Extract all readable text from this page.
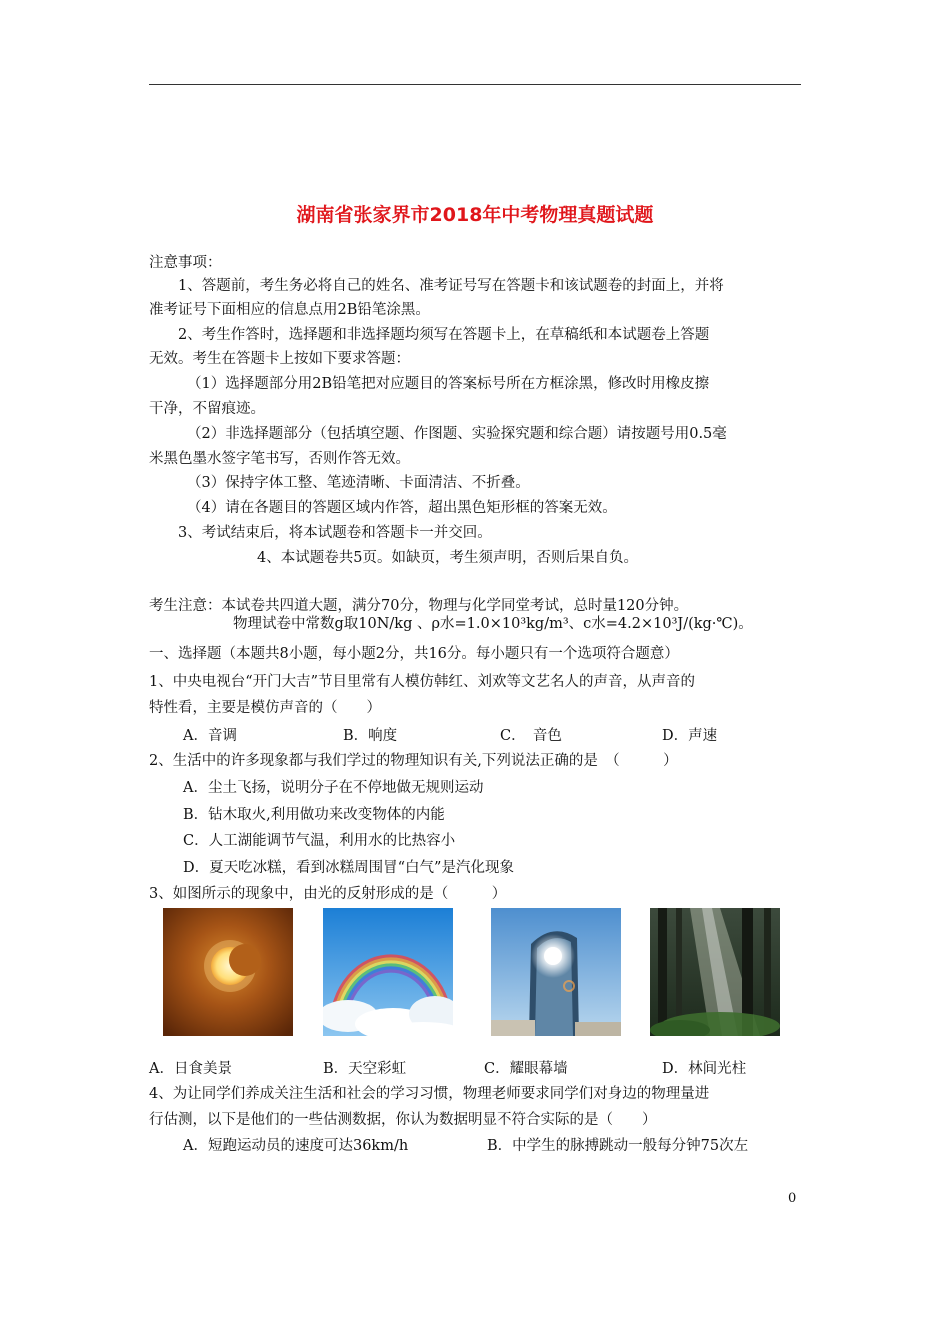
湖南省张家界市2018年中考物理真题试题
注意事项：
1、答题前，考生务必将自己的姓名、准考证号写在答题卡和该试题卷的封面上，并将
准考证号下面相应的信息点用2B铅笔涂黑。
2、考生作答时，选择题和非选择题均须写在答题卡上，在草稿纸和本试题卷上答题
无效。考生在答题卡上按如下要求答题：
（1）选择题部分用2B铅笔把对应题目的答案标号所在方框涂黑，修改时用橡皮擦
干净，不留痕迹。
（2）非选择题部分（包括填空题、作图题、实验探究题和综合题）请按题号用0.5毫
米黑色墨水签字笔书写，否则作答无效。
（3）保持字体工整、笔迹清晰、卡面清洁、不折叠。
（4）请在各题目的答题区域内作答，超出黑色矩形框的答案无效。
3、考试结束后，将本试题卷和答题卡一并交回。
4、本试题卷共5页。如缺页，考生须声明，否则后果自负。
考生注意：本试卷共四道大题，满分70分，物理与化学同堂考试，总时量120分钟。
物理试卷中常数g取10N/kg 、ρ水=1.0×10³kg/m³、c水=4.2×10³J/(kg·℃)。
一、选择题（本题共8小题，每小题2分，共16分。每小题只有一个选项符合题意）
1、中央电视台“开门大吉”节目里常有人模仿韩红、刘欢等文艺名人的声音，从声音的
特性看，主要是模仿声音的（　　）
A．音调	B．响度	C．　音色	D．声速
2、生活中的许多现象都与我们学过的物理知识有关,下列说法正确的是　（　　　）
A．尘土飞扬，说明分子在不停地做无规则运动
B．钻木取火,利用做功来改变物体的内能
C．人工湖能调节气温，利用水的比热容小
D．夏天吃冰糕，看到冰糕周围冒“白气”是汽化现象
3、如图所示的现象中，由光的反射形成的是（　　　）
A．日食美景	B．天空彩虹	C．耀眼幕墙	D．林间光柱
4、为让同学们养成关注生活和社会的学习习惯，物理老师要求同学们对身边的物理量进
行估测，以下是他们的一些估测数据，你认为数据明显不符合实际的是（　　）
A．短跑运动员的速度可达36km/h	B．中学生的脉搏跳动一般每分钟75次左
0
